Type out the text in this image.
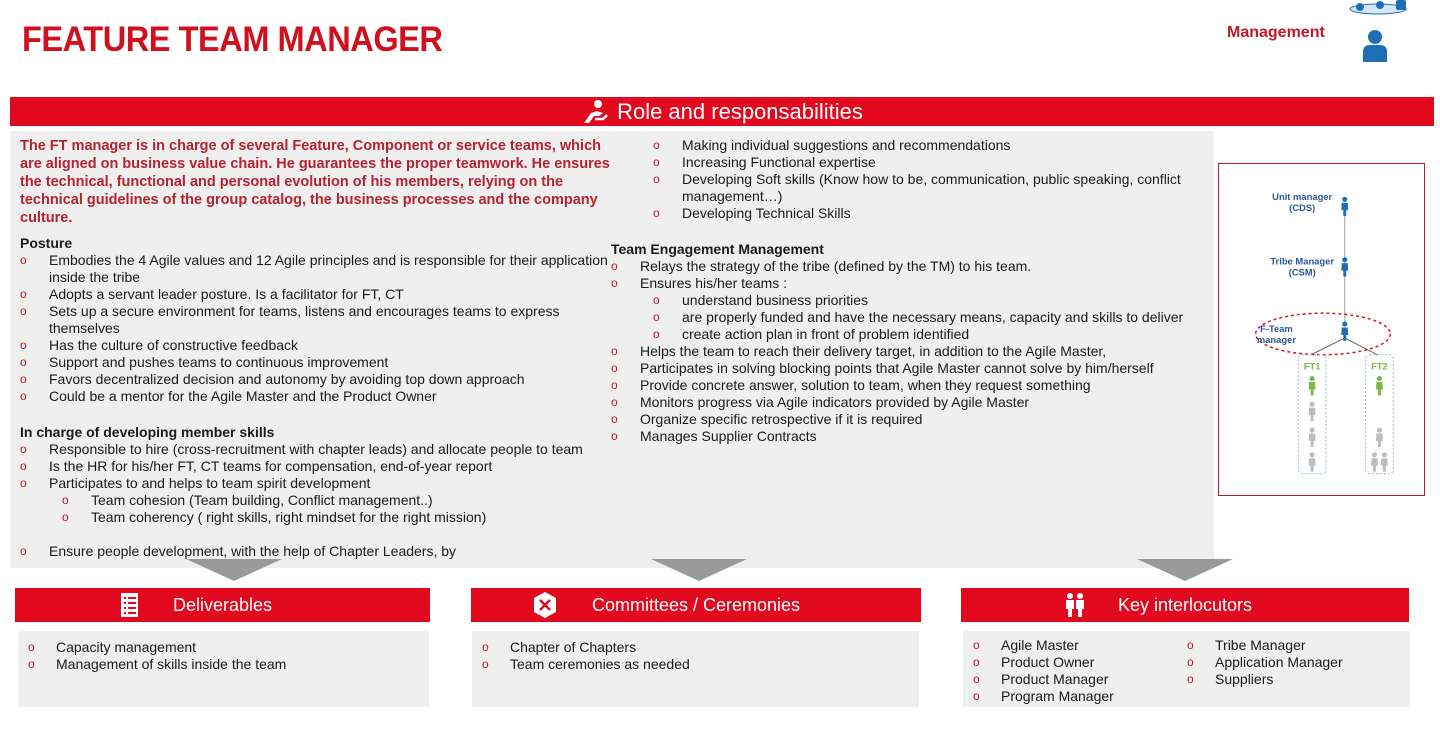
FEATURE TEAM MANAGER	Management
Role and responsabilities
The FT manager is in charge of several Feature, Component or service teams, which are aligned on business value chain. He guarantees the proper teamwork. He ensures the technical, functional and personal evolution of his members, relying on the technical guidelines of the group catalog, the business processes and the company culture.
Posture
o Embodies the 4 Agile values and 12 Agile principles and is responsible for their application inside the tribe
o Adopts a servant leader posture. Is a facilitator for FT, CT
o Sets up a secure environment for teams, listens and encourages teams to express themselves
o Has the culture of constructive feedback
o Support and pushes teams to continuous improvement
o Favors decentralized decision and autonomy by avoiding top down approach
o Could be a mentor for the Agile Master and the Product Owner
In charge of developing member skills
o Responsible to hire (cross-recruitment with chapter leads) and allocate people to team
o Is the HR for his/her FT, CT teams for compensation, end-of-year report
o Participates to and helps to team spirit development
o Team cohesion (Team building, Conflict management..)
o Team coherency ( right skills, right mindset for the right mission)
o Ensure people development, with the help of Chapter Leaders, by
o Making individual suggestions and recommendations
o Increasing Functional expertise
o Developing Soft skills (Know how to be, communication, public speaking, conflict management…)
o Developing Technical Skills
Team Engagement Management
o Relays the strategy of the tribe (defined by the TM) to his team.
o Ensures his/her teams :
o understand business priorities
o are properly funded and have the necessary means, capacity and skills to deliver
o create action plan in front of problem identified
o Helps the team to reach their delivery target, in addition to the Agile Master,
o Participates in solving blocking points that Agile Master cannot solve by him/herself
o Provide concrete answer, solution to team, when they request something
o Monitors progress via Agile indicators provided by Agile Master
o Organize specific retrospective if it is required
o Manages Supplier Contracts
Unit manager
(CDS)
Tribe Manager
(CSM)
F-Team
manager
FT1	FT2
Deliverables
o Capacity management
o Management of skills inside the team
Committees / Ceremonies
o Chapter of Chapters
o Team ceremonies as needed
Key interlocutors
o Agile Master
o Product Owner
o Product Manager
o Program Manager
o Tribe Manager
o Application Manager
o Suppliers
